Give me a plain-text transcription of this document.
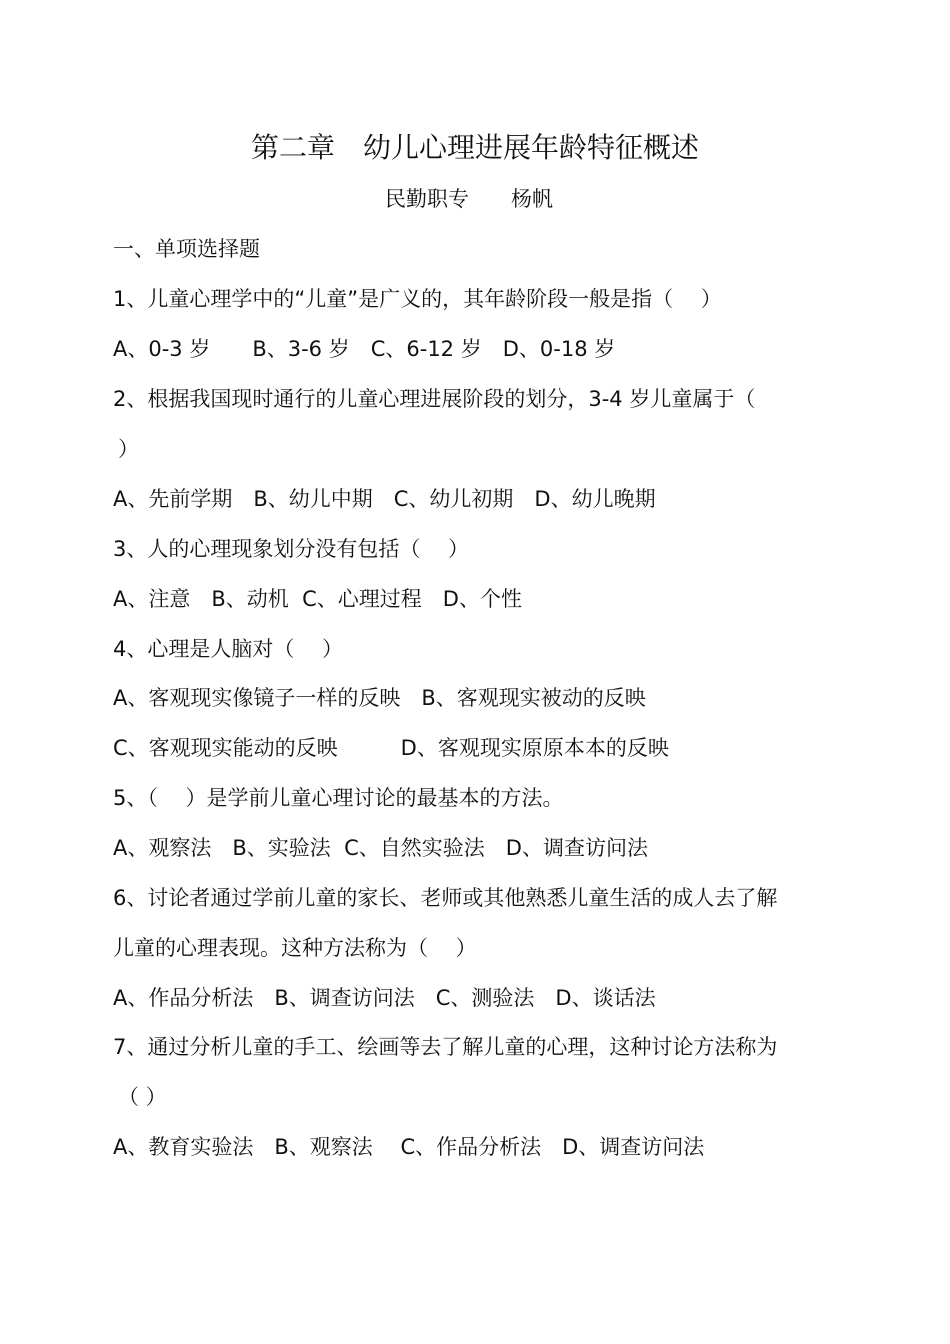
第二章　幼儿心理进展年龄特征概述
民勤职专　　杨帆
一、单项选择题
1、儿童心理学中的“儿童”是广义的，其年龄阶段一般是指（　 ）
A、0-3 岁　　B、3-6 岁　C、6-12 岁　D、0-18 岁
2、根据我国现时通行的儿童心理进展阶段的划分，3-4 岁儿童属于（
）
A、先前学期　B、幼儿中期　C、幼儿初期　D、幼儿晚期
3、人的心理现象划分没有包括（　 ）
A、注意　B、动机  C、心理过程　D、个性
4、心理是人脑对（　 ）
A、客观现实像镜子一样的反映　B、客观现实被动的反映
C、客观现实能动的反映　　　D、客观现实原原本本的反映
5、（　 ）是学前儿童心理讨论的最基本的方法。
A、观察法　B、实验法  C、自然实验法　D、调查访问法
6、讨论者通过学前儿童的家长、老师或其他熟悉儿童生活的成人去了解
儿童的心理表现。这种方法称为（　 ）
A、作品分析法　B、调查访问法　C、测验法　D、谈话法
7、通过分析儿童的手工、绘画等去了解儿童的心理，这种讨论方法称为
（ ）
A、教育实验法　B、观察法　 C、作品分析法　D、调查访问法
